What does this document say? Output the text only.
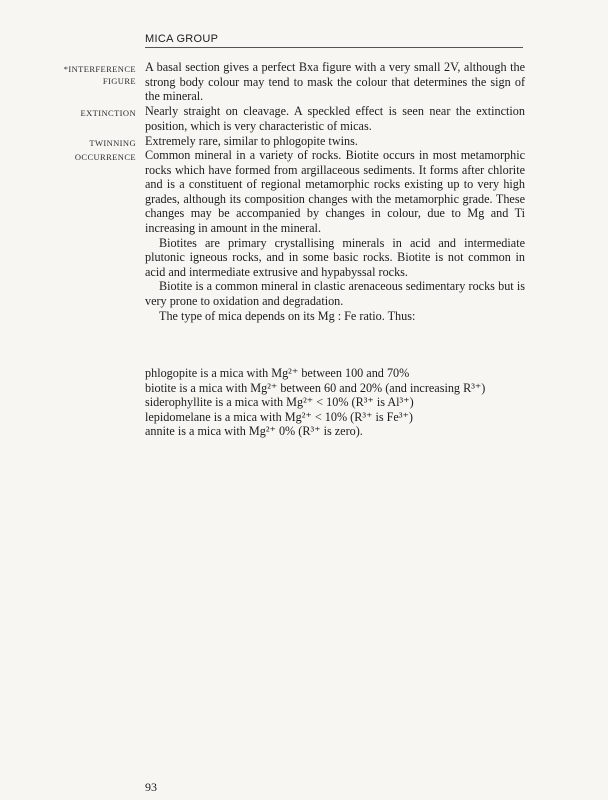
MICA GROUP
*INTERFERENCE
FIGURE
A basal section gives a perfect Bxa figure with a very small 2V, although the strong body colour may tend to mask the colour that determines the sign of the mineral.
EXTINCTION Nearly straight on cleavage. A speckled effect is seen near the extinction position, which is very characteristic of micas.
TWINNING Extremely rare, similar to phlogopite twins.
OCCURRENCE Common mineral in a variety of rocks. Biotite occurs in most metamorphic rocks which have formed from argillaceous sediments. It forms after chlorite and is a constituent of regional metamorphic rocks existing up to very high grades, although its composition changes with the metamorphic grade. These changes may be accompanied by changes in colour, due to Mg and Ti increasing in amount in the mineral.

Biotites are primary crystallising minerals in acid and intermediate plutonic igneous rocks, and in some basic rocks. Biotite is not common in acid and intermediate extrusive and hypabyssal rocks.

Biotite is a common mineral in clastic arenaceous sedimentary rocks but is very prone to oxidation and degradation.

The type of mica depends on its Mg : Fe ratio. Thus:

phlogopite is a mica with Mg²⁺ between 100 and 70%
biotite is a mica with Mg²⁺ between 60 and 20% (and increasing R³⁺)
siderophyllite is a mica with Mg²⁺ < 10% (R³⁺ is Al³⁺)
lepidomelane is a mica with Mg²⁺ < 10% (R³⁺ is Fe³⁺)
annite is a mica with Mg²⁺ 0% (R³⁺ is zero).
93
